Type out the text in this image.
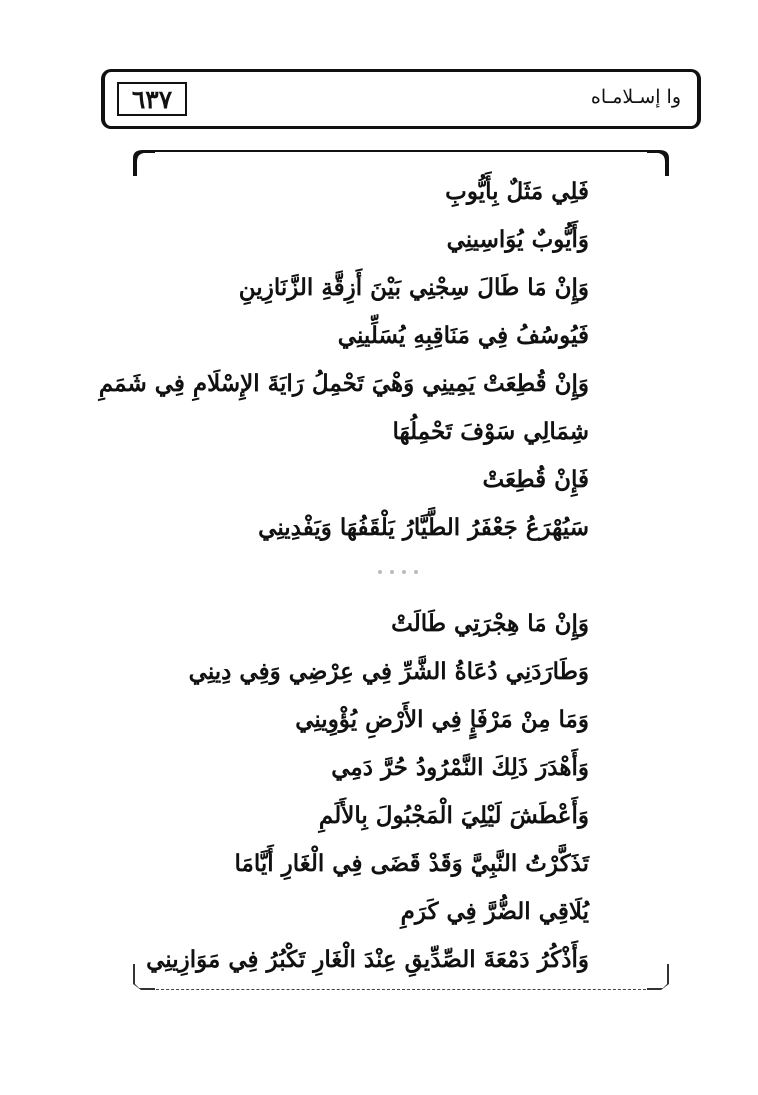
٦٣٧	وا إسـلامـاه
فَلِي مَثَلٌ بِأَيُّوبِ
وَأَيُّوبٌ يُوَاسِينِي
وَإِنْ مَا طَالَ سِجْنِي بَيْنَ أَزِقَّةِ الزَّنَازِينِ
فَيُوسُفُ فِي مَنَاقِبِهِ يُسَلِّينِي
وَإِنْ قُطِعَتْ يَمِينِي وَهْيَ تَحْمِلُ رَايَةَ الإِسْلَامِ فِي شَمَمِ
شِمَالِي سَوْفَ تَحْمِلُهَا
فَإِنْ قُطِعَتْ
سَيُهْرَعُ جَعْفَرُ الطَّيَّارُ يَلْقَفُهَا وَيَفْدِينِي
وَإِنْ مَا هِجْرَتِي طَالَتْ
وَطَارَدَنِي دُعَاةُ الشَّرِّ فِي عِرْضِي وَفِي دِينِي
وَمَا مِنْ مَرْفَإٍ فِي الأَرْضِ يُؤْوِينِي
وَأَهْدَرَ ذَلِكَ النَّمْرُودُ حُرَّ دَمِي
وَأَعْطَشَ لَيْلِيَ الْمَجْبُولَ بِالأَلَمِ
تَذَكَّرْتُ النَّبِيَّ وَقَدْ قَضَى فِي الْغَارِ أَيَّامَا
يُلَاقِي الضُّرَّ فِي كَرَمِ
وَأَذْكُرُ دَمْعَةَ الصِّدِّيقِ عِنْدَ الْغَارِ تَكْبُرُ فِي مَوَازِينِي
